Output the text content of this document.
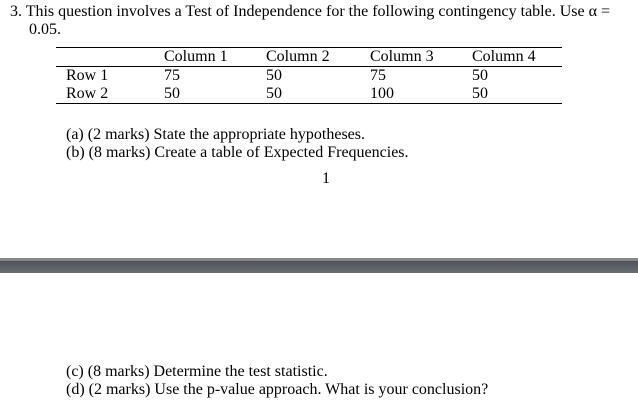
3. This question involves a Test of Independence for the following contingency table. Use α =
0.05.
	Column 1	Column 2	Column 3	Column 4
Row 1	75	50	75	50
Row 2	50	50	100	50
(a) (2 marks) State the appropriate hypotheses.
(b) (8 marks) Create a table of Expected Frequencies.
1
(c) (8 marks) Determine the test statistic.
(d) (2 marks) Use the p-value approach. What is your conclusion?
